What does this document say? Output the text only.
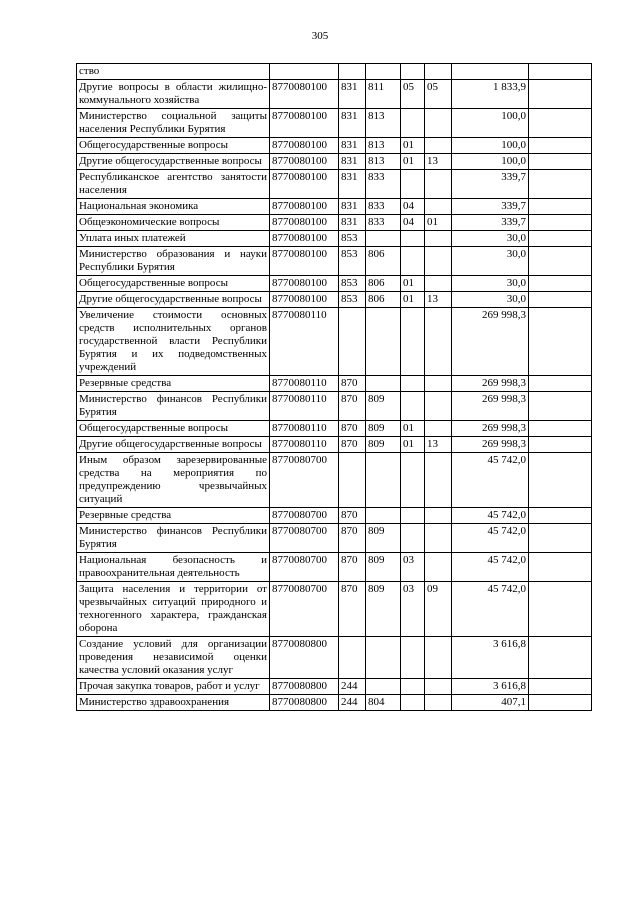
305
ство							
Другие вопросы в области жилищно-коммунального хозяйства	8770080100	831	811	05	05	1 833,9	
Министерство социальной защиты населения Республики Бурятия	8770080100	831	813			100,0	
Общегосударственные вопросы	8770080100	831	813	01		100,0	
Другие общегосударственные вопросы	8770080100	831	813	01	13	100,0	
Республиканское агентство занятости населения	8770080100	831	833			339,7	
Национальная экономика	8770080100	831	833	04		339,7	
Общеэкономические вопросы	8770080100	831	833	04	01	339,7	
Уплата иных платежей	8770080100	853				30,0	
Министерство образования и науки Республики Бурятия	8770080100	853	806			30,0	
Общегосударственные вопросы	8770080100	853	806	01		30,0	
Другие общегосударственные вопросы	8770080100	853	806	01	13	30,0	
Увеличение стоимости основных средств исполнительных органов государственной власти Республики Бурятия и их подведомственных учреждений	8770080110					269 998,3	
Резервные средства	8770080110	870				269 998,3	
Министерство финансов Республики Бурятия	8770080110	870	809			269 998,3	
Общегосударственные вопросы	8770080110	870	809	01		269 998,3	
Другие общегосударственные вопросы	8770080110	870	809	01	13	269 998,3	
Иным образом зарезервированные средства на мероприятия по предупреждению чрезвычайных ситуаций	8770080700					45 742,0	
Резервные средства	8770080700	870				45 742,0	
Министерство финансов Республики Бурятия	8770080700	870	809			45 742,0	
Национальная безопасность и правоохранительная деятельность	8770080700	870	809	03		45 742,0	
Защита населения и территории от чрезвычайных ситуаций природного и техногенного характера, гражданская оборона	8770080700	870	809	03	09	45 742,0	
Создание условий для организации проведения независимой оценки качества условий оказания услуг	8770080800					3 616,8	
Прочая закупка товаров, работ и услуг	8770080800	244				3 616,8	
Министерство здравоохранения	8770080800	244	804			407,1	
